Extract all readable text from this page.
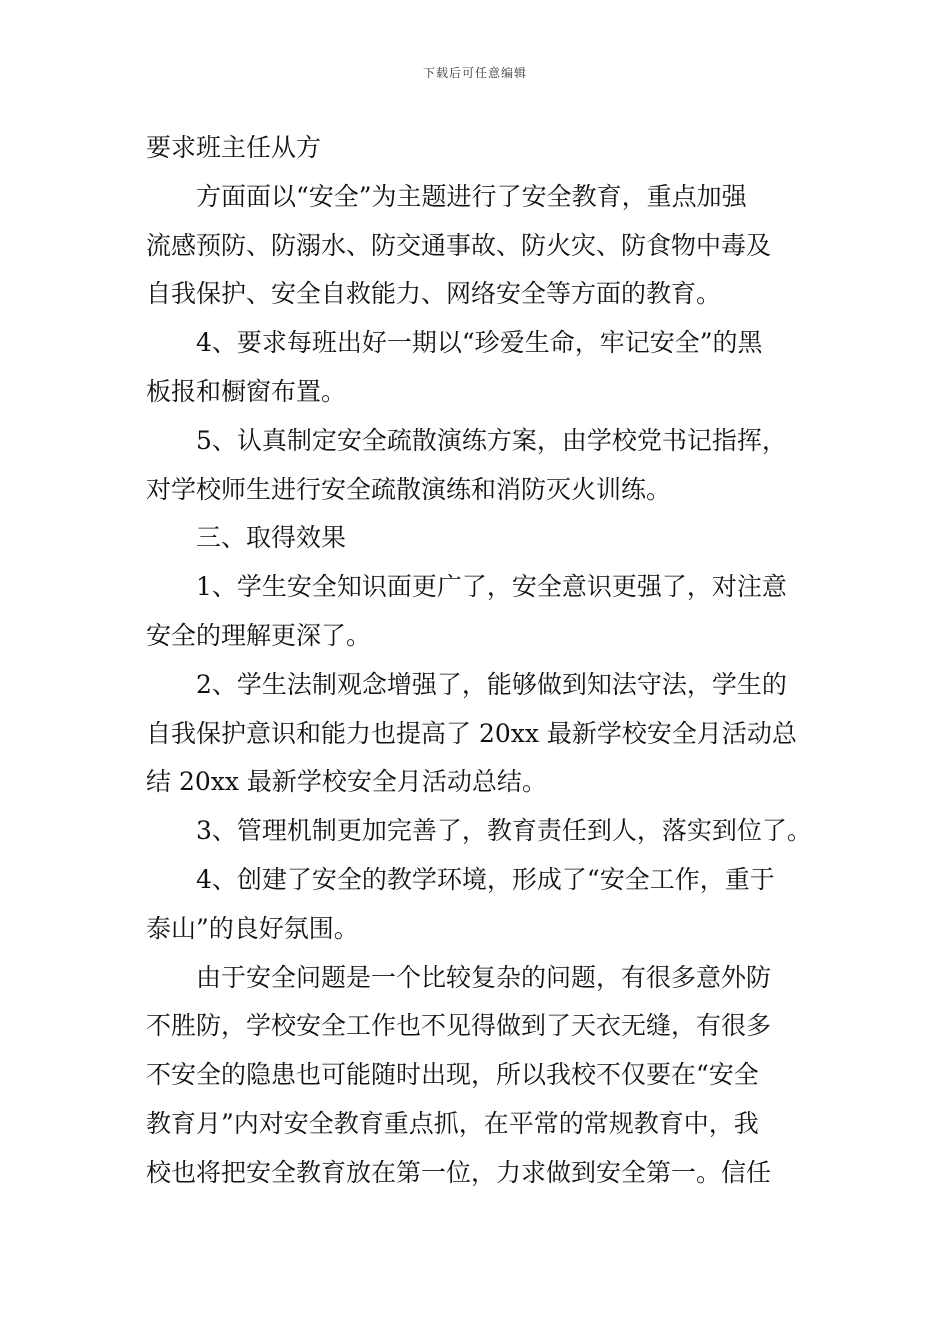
下载后可任意编辑
要求班主任从方
方面面以“安全”为主题进行了安全教育，重点加强
流感预防、防溺水、防交通事故、防火灾、防食物中毒及
自我保护、安全自救能力、网络安全等方面的教育。
4、要求每班出好一期以“珍爱生命，牢记安全”的黑
板报和橱窗布置。
5、认真制定安全疏散演练方案，由学校党书记指挥，
对学校师生进行安全疏散演练和消防灭火训练。
三、取得效果
1、学生安全知识面更广了，安全意识更强了，对注意
安全的理解更深了。
2、学生法制观念增强了，能够做到知法守法，学生的
自我保护意识和能力也提高了 20xx 最新学校安全月活动总
结 20xx 最新学校安全月活动总结。
3、管理机制更加完善了，教育责任到人，落实到位了。
4、创建了安全的教学环境，形成了“安全工作，重于
泰山”的良好氛围。
由于安全问题是一个比较复杂的问题，有很多意外防
不胜防，学校安全工作也不见得做到了天衣无缝，有很多
不安全的隐患也可能随时出现，所以我校不仅要在“安全
教育月”内对安全教育重点抓，在平常的常规教育中，我
校也将把安全教育放在第一位，力求做到安全第一。信任
